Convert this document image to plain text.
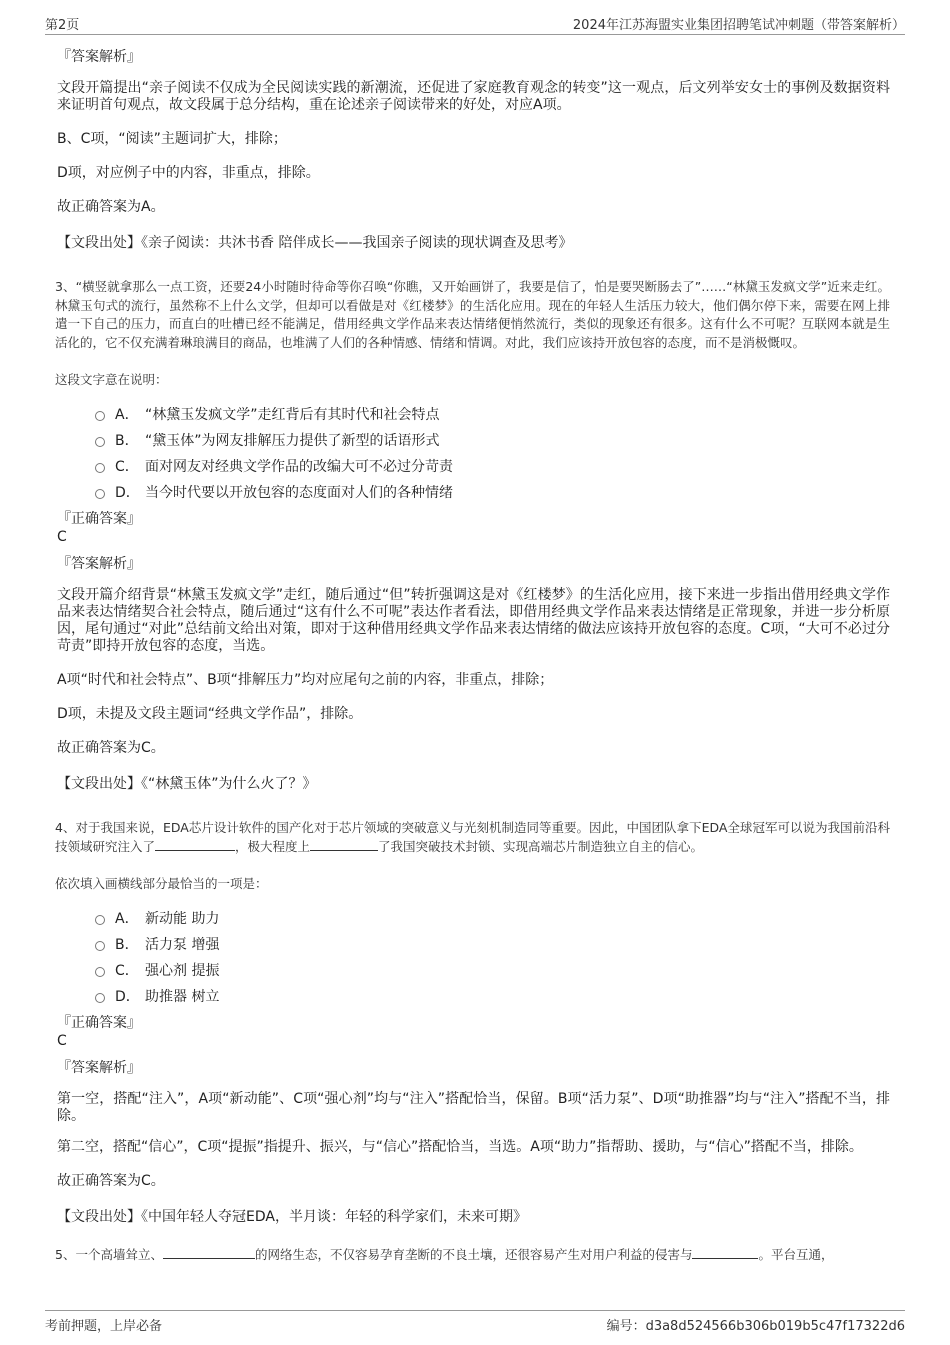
第2页	2024年江苏海盟实业集团招聘笔试冲刺题（带答案解析）
『答案解析』
文段开篇提出“亲子阅读不仅成为全民阅读实践的新潮流，还促进了家庭教育观念的转变”这一观点，后文列举安女士的事例及数据资料来证明首句观点，故文段属于总分结构，重在论述亲子阅读带来的好处，对应A项。
B、C项，“阅读”主题词扩大，排除；
D项，对应例子中的内容，非重点，排除。
故正确答案为A。
【文段出处】《亲子阅读：共沐书香 陪伴成长——我国亲子阅读的现状调查及思考》
3、“横竖就拿那么一点工资，还要24小时随时待命等你召唤“你瞧，又开始画饼了，我要是信了，怕是要哭断肠去了”……“林黛玉发疯文学”近来走红。林黛玉句式的流行，虽然称不上什么文学，但却可以看做是对《红楼梦》的生活化应用。现在的年轻人生活压力较大，他们偶尔停下来，需要在网上排遣一下自己的压力，而直白的吐槽已经不能满足，借用经典文学作品来表达情绪便悄然流行，类似的现象还有很多。这有什么不可呢？互联网本就是生活化的，它不仅充满着琳琅满目的商品，也堆满了人们的各种情感、情绪和情调。对此，我们应该持开放包容的态度，而不是消极慨叹。
这段文字意在说明：
A． “林黛玉发疯文学”走红背后有其时代和社会特点
B． “黛玉体”为网友排解压力提供了新型的话语形式
C． 面对网友对经典文学作品的改编大可不必过分苛责
D． 当今时代要以开放包容的态度面对人们的各种情绪
『正确答案』
C
『答案解析』
文段开篇介绍背景“林黛玉发疯文学”走红，随后通过“但”转折强调这是对《红楼梦》的生活化应用，接下来进一步指出借用经典文学作品来表达情绪契合社会特点，随后通过“这有什么不可呢”表达作者看法，即借用经典文学作品来表达情绪是正常现象，并进一步分析原因，尾句通过“对此”总结前文给出对策，即对于这种借用经典文学作品来表达情绪的做法应该持开放包容的态度。C项，“大可不必过分苛责”即持开放包容的态度，当选。
A项“时代和社会特点”、B项“排解压力”均对应尾句之前的内容，非重点，排除；
D项，未提及文段主题词“经典文学作品”，排除。
故正确答案为C。
【文段出处】《“林黛玉体”为什么火了？》
4、对于我国来说，EDA芯片设计软件的国产化对于芯片领域的突破意义与光刻机制造同等重要。因此，中国团队拿下EDA全球冠军可以说为我国前沿科技领域研究注入了	，极大程度上	了我国突破技术封锁、实现高端芯片制造独立自主的信心。
依次填入画横线部分最恰当的一项是：
A． 新动能 助力
B． 活力泵 增强
C． 强心剂 提振
D． 助推器 树立
『正确答案』
C
『答案解析』
第一空，搭配“注入”，A项“新动能”、C项“强心剂”均与“注入”搭配恰当，保留。B项“活力泵”、D项“助推器”均与“注入”搭配不当，排除。
第二空，搭配“信心”，C项“提振”指提升、振兴，与“信心”搭配恰当，当选。A项“助力”指帮助、援助，与“信心”搭配不当，排除。
故正确答案为C。
【文段出处】《中国年轻人夺冠EDA，半月谈：年轻的科学家们，未来可期》
5、一个高墙耸立、	的网络生态，不仅容易孕育垄断的不良土壤，还很容易产生对用户利益的侵害与	。平台互通，
考前押题，上岸必备	编号：d3a8d524566b306b019b5c47f17322d6
